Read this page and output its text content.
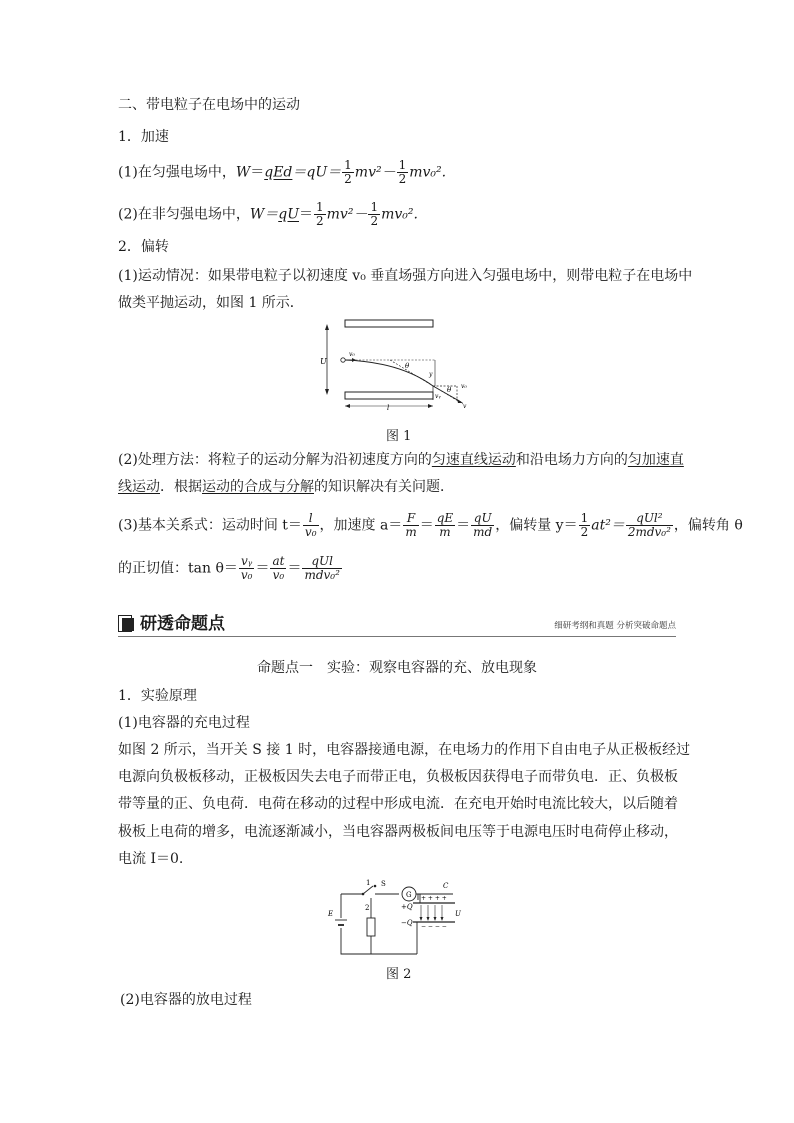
二、带电粒子在电场中的运动
1．加速
(1)在匀强电场中，$W=qEd=qU= \frac{1}{2} mv^2- \frac{1}{2} mv_0^2$.
(2)在非匀强电场中，$W=qU= \frac{1}{2} mv^2- \frac{1}{2} mv_0^2$.
2．偏转
(1)运动情况：如果带电粒子以初速度 v₀ 垂直场强方向进入匀强电场中，则带电粒子在电场中
做类平抛运动，如图 1 所示．
U
v₀
θ
y
θ v₀
vᵧ
v
l
图 1
(2)处理方法：将粒子的运动分解为沿初速度方向的匀速直线运动和沿电场力方向的匀加速直
线运动．根据运动的合成与分解的知识解决有关问题．
(3)基本关系式：运动时间 $t= \frac{l}{\text{v₀}}$ ，加速度 $a= \frac{F}{m} = \frac{qE}{m} = \frac{qU}{md}$ ，偏转量 $y= \frac{1}{2} at^2= \frac{\text{qUl²}}{\text{2mdv₀²}}$ ，偏转角 θ
的正切值：$\tan \theta= \frac{\text{vᵧ}}{\text{v₀}} = \frac{at}{\text{v₀}} = \frac{\text{qUl}}{\text{mdv₀²}}$
研透命题点	细研考纲和真题 分析突破命题点
命题点一　实验：观察电容器的充、放电现象
1．实验原理
(1)电容器的充电过程
如图 2 所示，当开关 S 接 1 时，电容器接通电源，在电场力的作用下自由电子从正极板经过
电源向负极板移动，正极板因失去电子而带正电，负极板因获得电子而带负电．正、负极板
带等量的正、负电荷．电荷在移动的过程中形成电流．在充电开始时电流比较大，以后随着
极板上电荷的增多，电流逐渐减小，当电容器两极板间电压等于电源电压时电荷停止移动，
电流 I＝0.
1 S
G
C
+ + + +
− − − −
+Q
−Q
U
2
E
图 2
(2)电容器的放电过程
